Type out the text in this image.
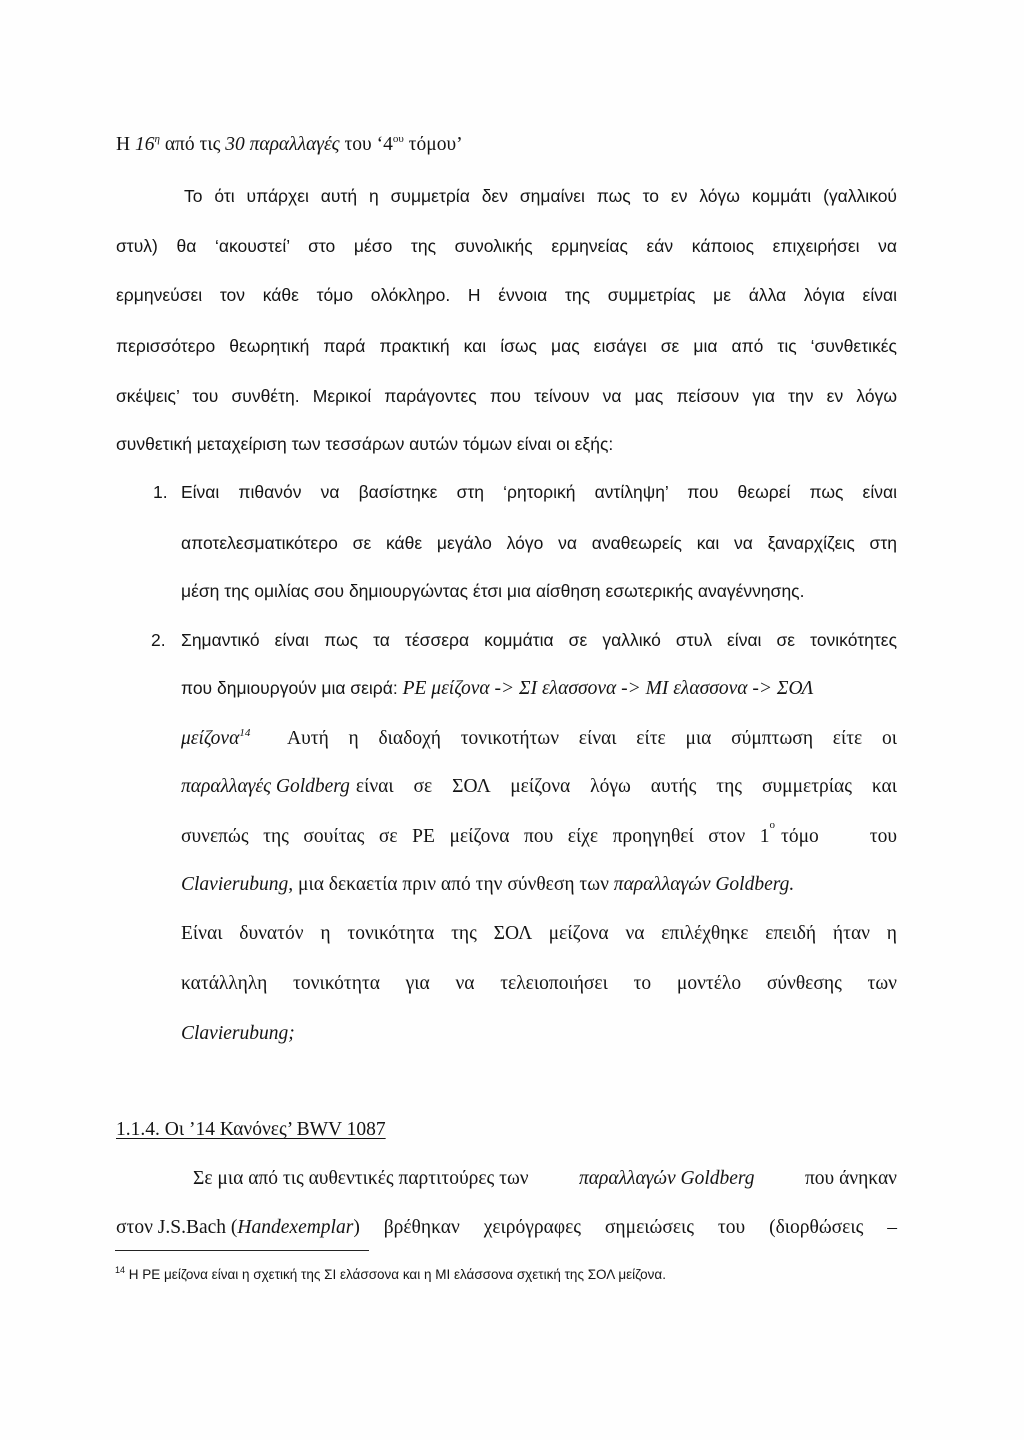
Η $16^\eta$ από τις 30 παραλλαγές του ‘$4^{o\upsilon}$ τόμου’
Το ότι υπάρχει αυτή η συμμετρία δεν σημαίνει πως το εν λόγω κομμάτι (γαλλικού
στυλ) θα ‘ακουστεί’ στο μέσο της συνολικής ερμηνείας εάν κάποιος επιχειρήσει να
ερμηνεύσει τον κάθε τόμο ολόκληρο. Η έννοια της συμμετρίας με άλλα λόγια είναι
περισσότερο θεωρητική παρά πρακτική και ίσως μας εισάγει σε μια από τις ‘συνθετικές
σκέψεις’ του συνθέτη. Μερικοί παράγοντες που τείνουν να μας πείσουν για την εν λόγω
συνθετική μεταχείριση των τεσσάρων αυτών τόμων είναι οι εξής:
1. Είναι πιθανόν να βασίστηκε στη ‘ρητορική αντίληψη’ που θεωρεί πως είναι
αποτελεσματικότερο σε κάθε μεγάλο λόγο να αναθεωρείς και να ξαναρχίζεις στη
μέση της ομιλίας σου δημιουργώντας έτσι μια αίσθηση εσωτερικής αναγέννησης.
2. Σημαντικό είναι πως τα τέσσερα κομμάτια σε γαλλικό στυλ είναι σε τονικότητες
που δημιουργούν μια σειρά: ΡΕ μείζονα -> ΣΙ ελασσονα -> ΜΙ ελασσονα -> ΣΟΛ
μείζονα$^{14}$ Αυτή η διαδοχή τονικοτήτων είναι είτε μια σύμπτωση είτε οι
παραλλαγές Goldberg είναι σε ΣΟΛ μείζονα λόγω αυτής της συμμετρίας και
συνεπώς της σουίτας σε ΡΕ μείζονα που είχε προηγηθεί στον 1
ο
τόμο του
Clavierubung, μια δεκαετία πριν από την σύνθεση των παραλλαγών Goldberg.
Είναι δυνατόν η τονικότητα της ΣΟΛ μείζονα να επιλέχθηκε επειδή ήταν η
κατάλληλη τονικότητα για να τελειοποιήσει το μοντέλο σύνθεσης των
Clavierubung;
1.1.4. Οι ’14 Κανόνες’ BWV 1087
Σε μια από τις αυθεντικές παρτιτούρες των	παραλλαγών Goldberg	που άνηκαν
στον J.S.Bach ( Handexemplar ) βρέθηκαν χειρόγραφες σημειώσεις του (διορθώσεις –
$^{14}$ Η ΡΕ μείζονα είναι η σχετική της ΣΙ ελάσσονα και η ΜΙ ελάσσονα σχετική της ΣΟΛ μείζονα.
